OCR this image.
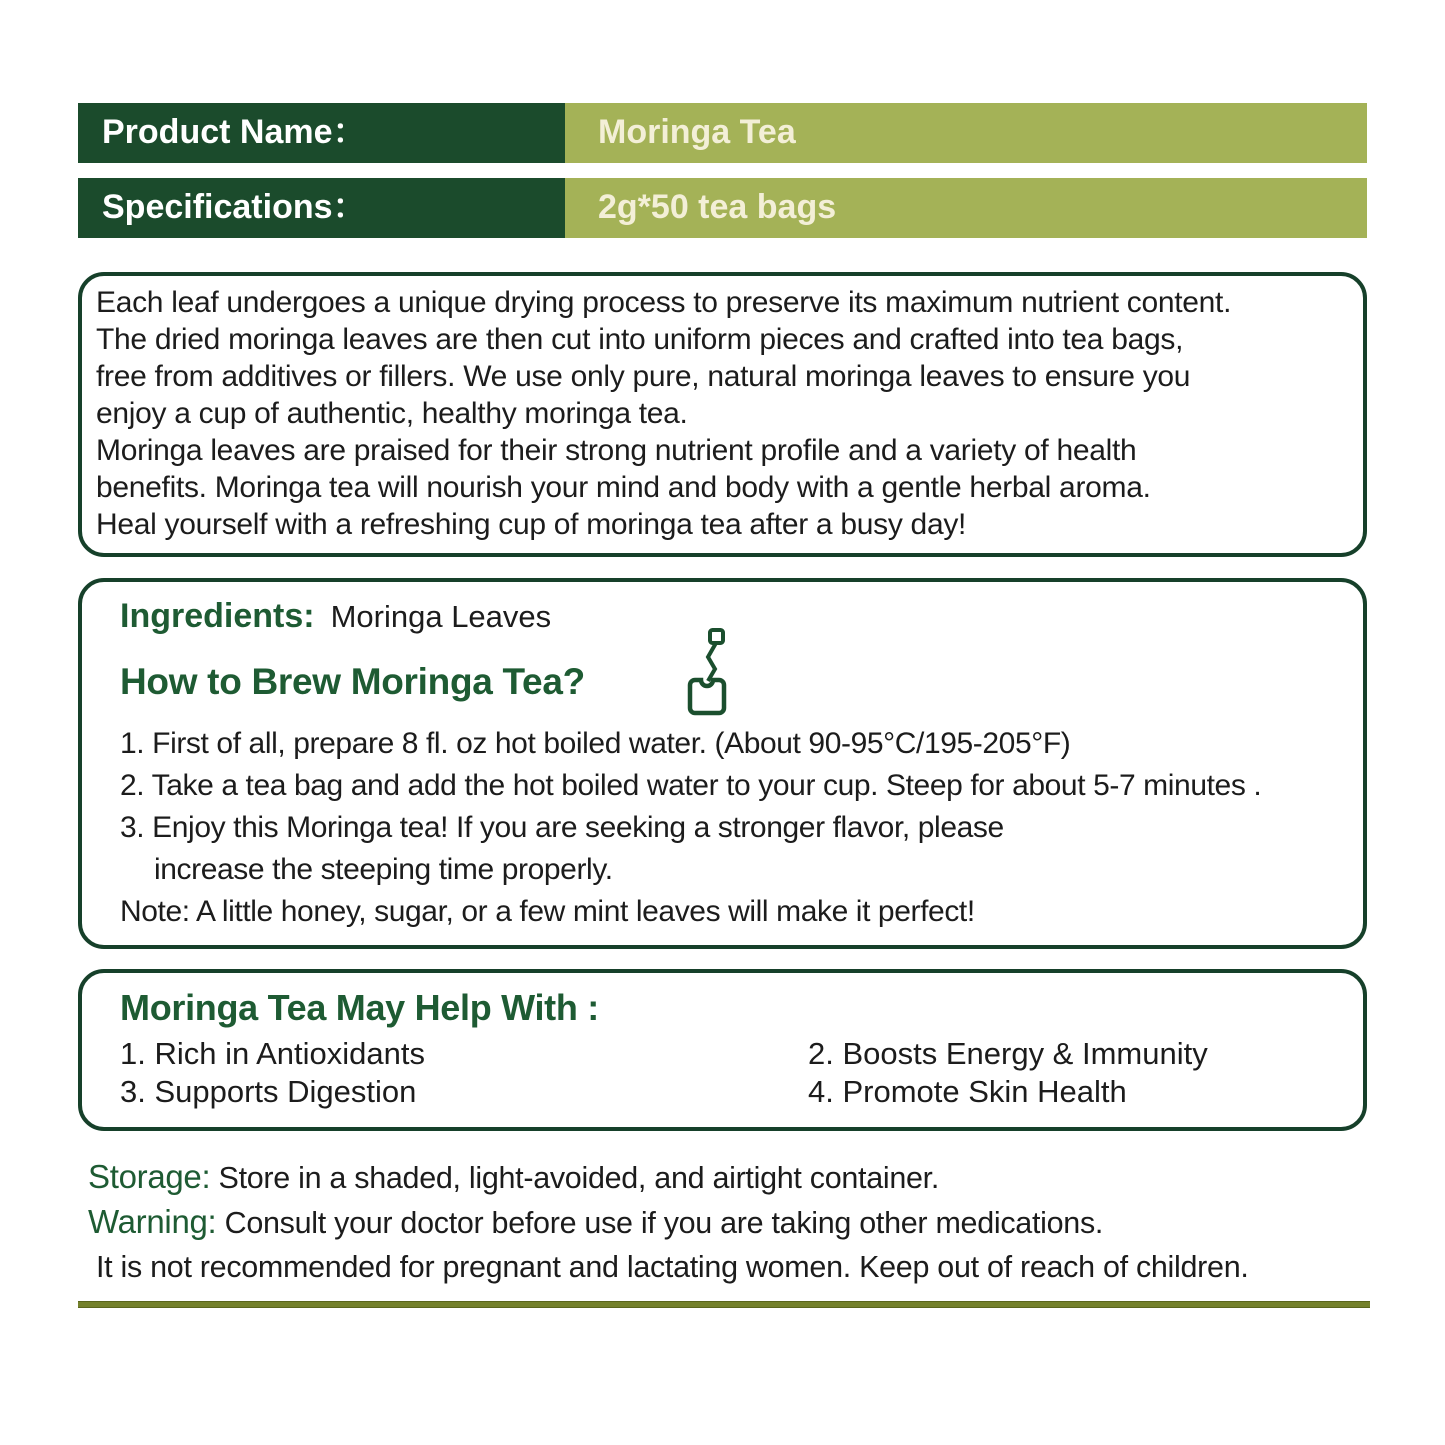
Product Name：	Moringa Tea
Specifications：	2g*50 tea bags
Each leaf undergoes a unique drying process to preserve its maximum nutrient content.
The dried moringa leaves are then cut into uniform pieces and crafted into tea bags,
free from additives or fillers. We use only pure, natural moringa leaves to ensure you
enjoy a cup of authentic, healthy moringa tea.
Moringa leaves are praised for their strong nutrient profile and a variety of health
benefits. Moringa tea will nourish your mind and body with a gentle herbal aroma.
Heal yourself with a refreshing cup of moringa tea after a busy day!
Ingredients: Moringa Leaves
How to Brew Moringa Tea?
1. First of all, prepare 8 fl. oz hot boiled water. (About 90-95°C/195-205°F)
2. Take a tea bag and add the hot boiled water to your cup. Steep for about 5-7 minutes .
3. Enjoy this Moringa tea! If you are seeking a stronger flavor, please
increase the steeping time properly.
Note: A little honey, sugar, or a few mint leaves will make it perfect!
Moringa Tea May Help With :
1. Rich in Antioxidants	2. Boosts Energy & Immunity
3. Supports Digestion	4. Promote Skin Health
Storage: Store in a shaded, light-avoided, and airtight container.
Warning: Consult your doctor before use if you are taking other medications.
It is not recommended for pregnant and lactating women. Keep out of reach of children.
